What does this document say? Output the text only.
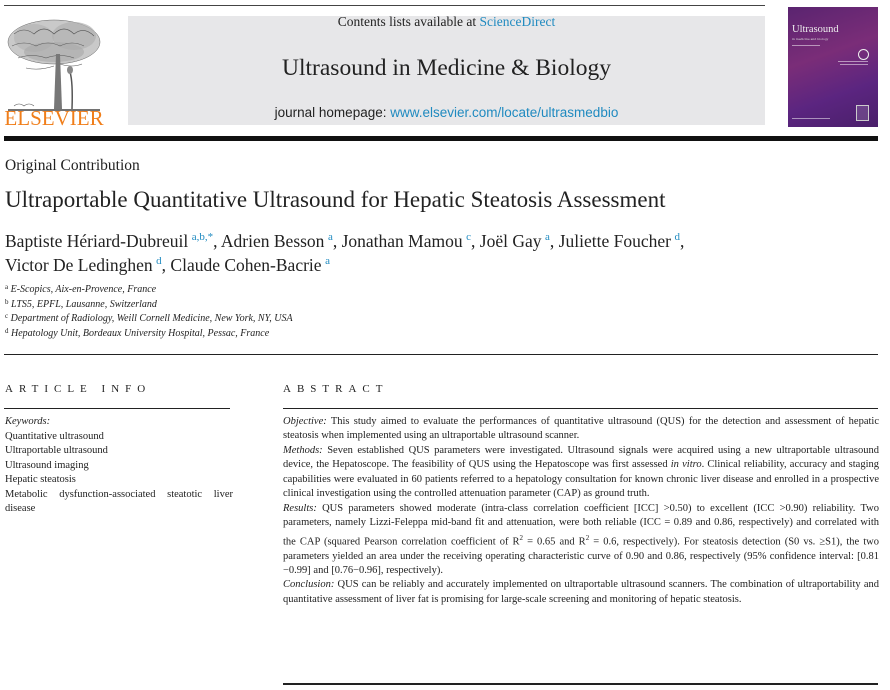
ELSEVIER
Contents lists available at ScienceDirect
Ultrasound in Medicine & Biology
journal homepage: www.elsevier.com/locate/ultrasmedbio
Ultrasound
in medicine and biology
Original Contribution
Ultraportable Quantitative Ultrasound for Hepatic Steatosis Assessment
Baptiste Hériard-Dubreuil  $^{a,b,*}$, Adrien Besson  $^a$, Jonathan Mamou  $^c$, Joël Gay  $^a$, Juliette Foucher  $^d$,
Victor De Ledinghen  $^d$, Claude Cohen-Bacrie  $^a$
$^a$ E-Scopics, Aix-en-Provence, France
$^b$ LTS5, EPFL, Lausanne, Switzerland
$^c$ Department of Radiology, Weill Cornell Medicine, New York, NY, USA
$^d$ Hepatology Unit, Bordeaux University Hospital, Pessac, France
ARTICLE INFO	ABSTRACT
Keywords:
Quantitative ultrasound
Ultraportable ultrasound
Ultrasound imaging
Hepatic steatosis
Metabolic dysfunction-associated steatotic liver disease

Objective: This study aimed to evaluate the performances of quantitative ultrasound (QUS) for the detection and assessment of hepatic steatosis when implemented using an ultraportable ultrasound scanner.

Methods: Seven established QUS parameters were investigated. Ultrasound signals were acquired using a new ultraportable ultrasound device, the Hepatoscope. The feasibility of QUS using the Hepatoscope was first assessed in vitro. Clinical reliability, accuracy and staging capabilities were evaluated in 60 patients referred to a hepatology consultation for known chronic liver disease and enrolled in a prospective clinical investigation using the controlled attenuation parameter (CAP) as ground truth.

Results: QUS parameters showed moderate (intra-class correlation coefficient [ICC] >0.50) to excellent (ICC >0.90) reliability. Two parameters, namely Lizzi-Feleppa mid-band fit and attenuation, were both reliable (ICC = 0.89 and 0.86, respectively) and correlated with the CAP (squared Pearson correlation coefficient of $R^2 = 0.65$ and $R^2 = 0.6$, respectively). For steatosis detection (S0 vs. ≥S1), the two parameters yielded an area under the receiving operating characteristic curve of 0.90 and 0.86, respectively (95% confidence interval: [0.81 −0.99] and [0.76−0.96], respectively).

Conclusion: QUS can be reliably and accurately implemented on ultraportable ultrasound scanners. The combination of ultraportability and quantitative assessment of liver fat is promising for large-scale screening and monitoring of hepatic steatosis.
